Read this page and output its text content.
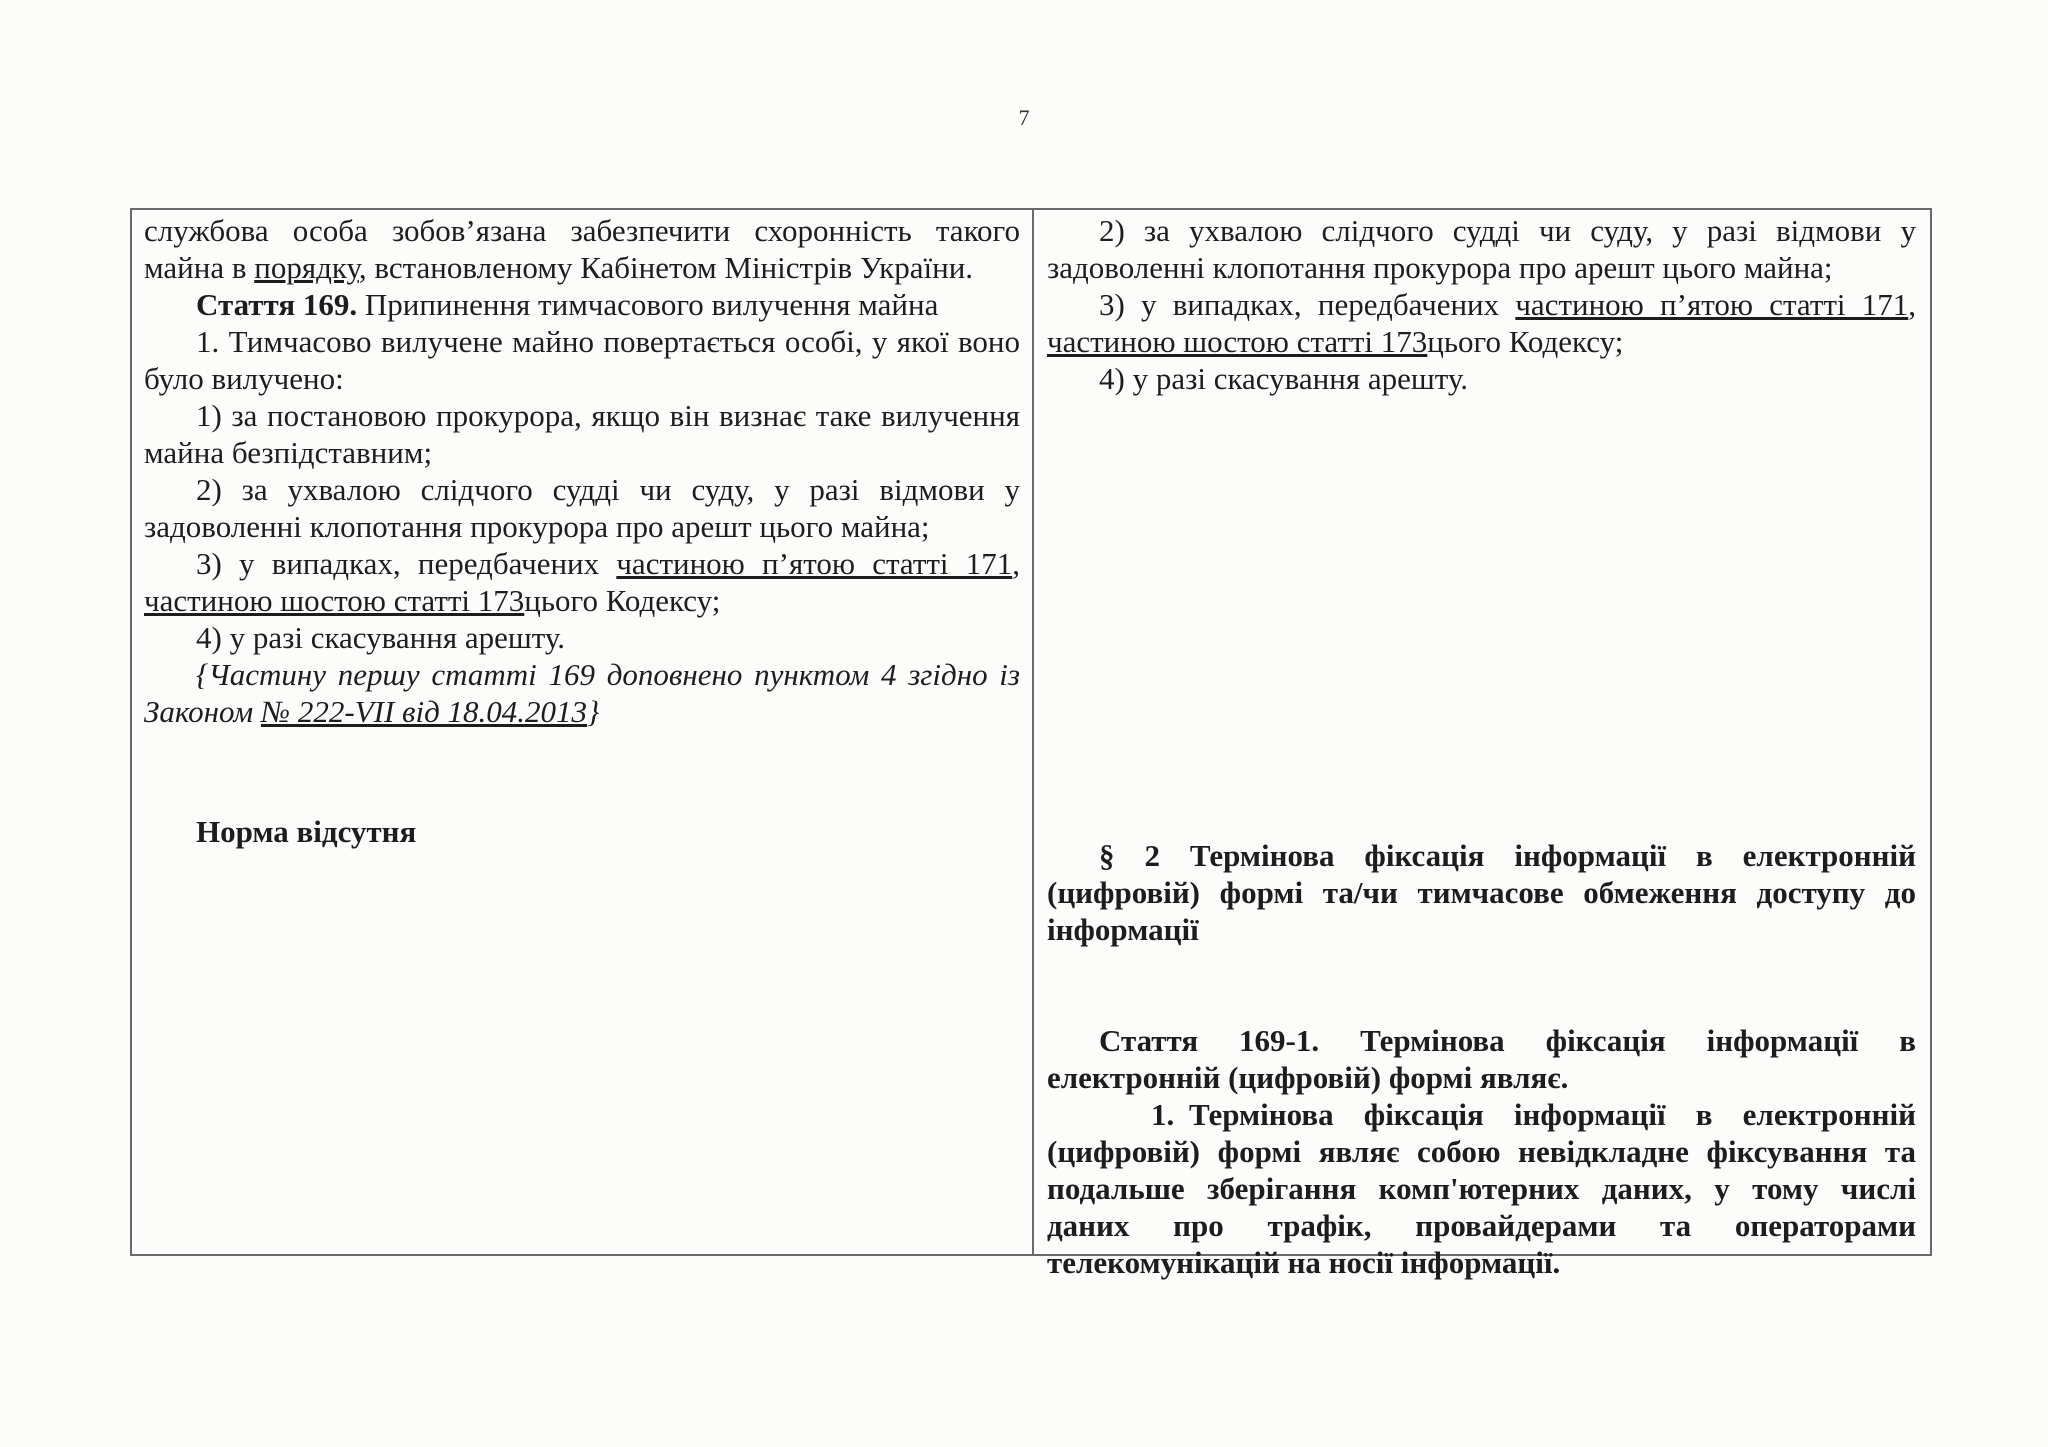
7

службова особа зобов’язана забезпечити схоронність такого майна в порядку, встановленому Кабінетом Міністрів України.

Стаття 169. Припинення тимчасового вилучення майна

1. Тимчасово вилучене майно повертається особі, у якої воно було вилучено:

1) за постановою прокурора, якщо він визнає таке вилучення майна безпідставним;

2) за ухвалою слідчого судді чи суду, у разі відмови у задоволенні клопотання прокурора про арешт цього майна;

3) у випадках, передбачених частиною п’ятою статті 171, частиною шостою статті 173цього Кодексу;

4) у разі скасування арешту.

{Частину першу статті 169 доповнено пунктом 4 згідно із Законом № 222-VII від 18.04.2013}

Норма відсутня

2) за ухвалою слідчого судді чи суду, у разі відмови у задоволенні клопотання прокурора про арешт цього майна;

3) у випадках, передбачених частиною п’ятою статті 171, частиною шостою статті 173цього Кодексу;

4) у разі скасування арешту.

§ 2 Термінова фіксація інформації в електронній (цифровій) формі та/чи тимчасове обмеження доступу до інформації

Стаття 169-1. Термінова фіксація інформації в електронній (цифровій) формі являє.

1. Термінова фіксація інформації в електронній (цифровій) формі являє собою невідкладне фіксування та подальше зберігання комп'ютерних даних, у тому числі даних про трафік, провайдерами та операторами телекомунікацій на носії інформації.
